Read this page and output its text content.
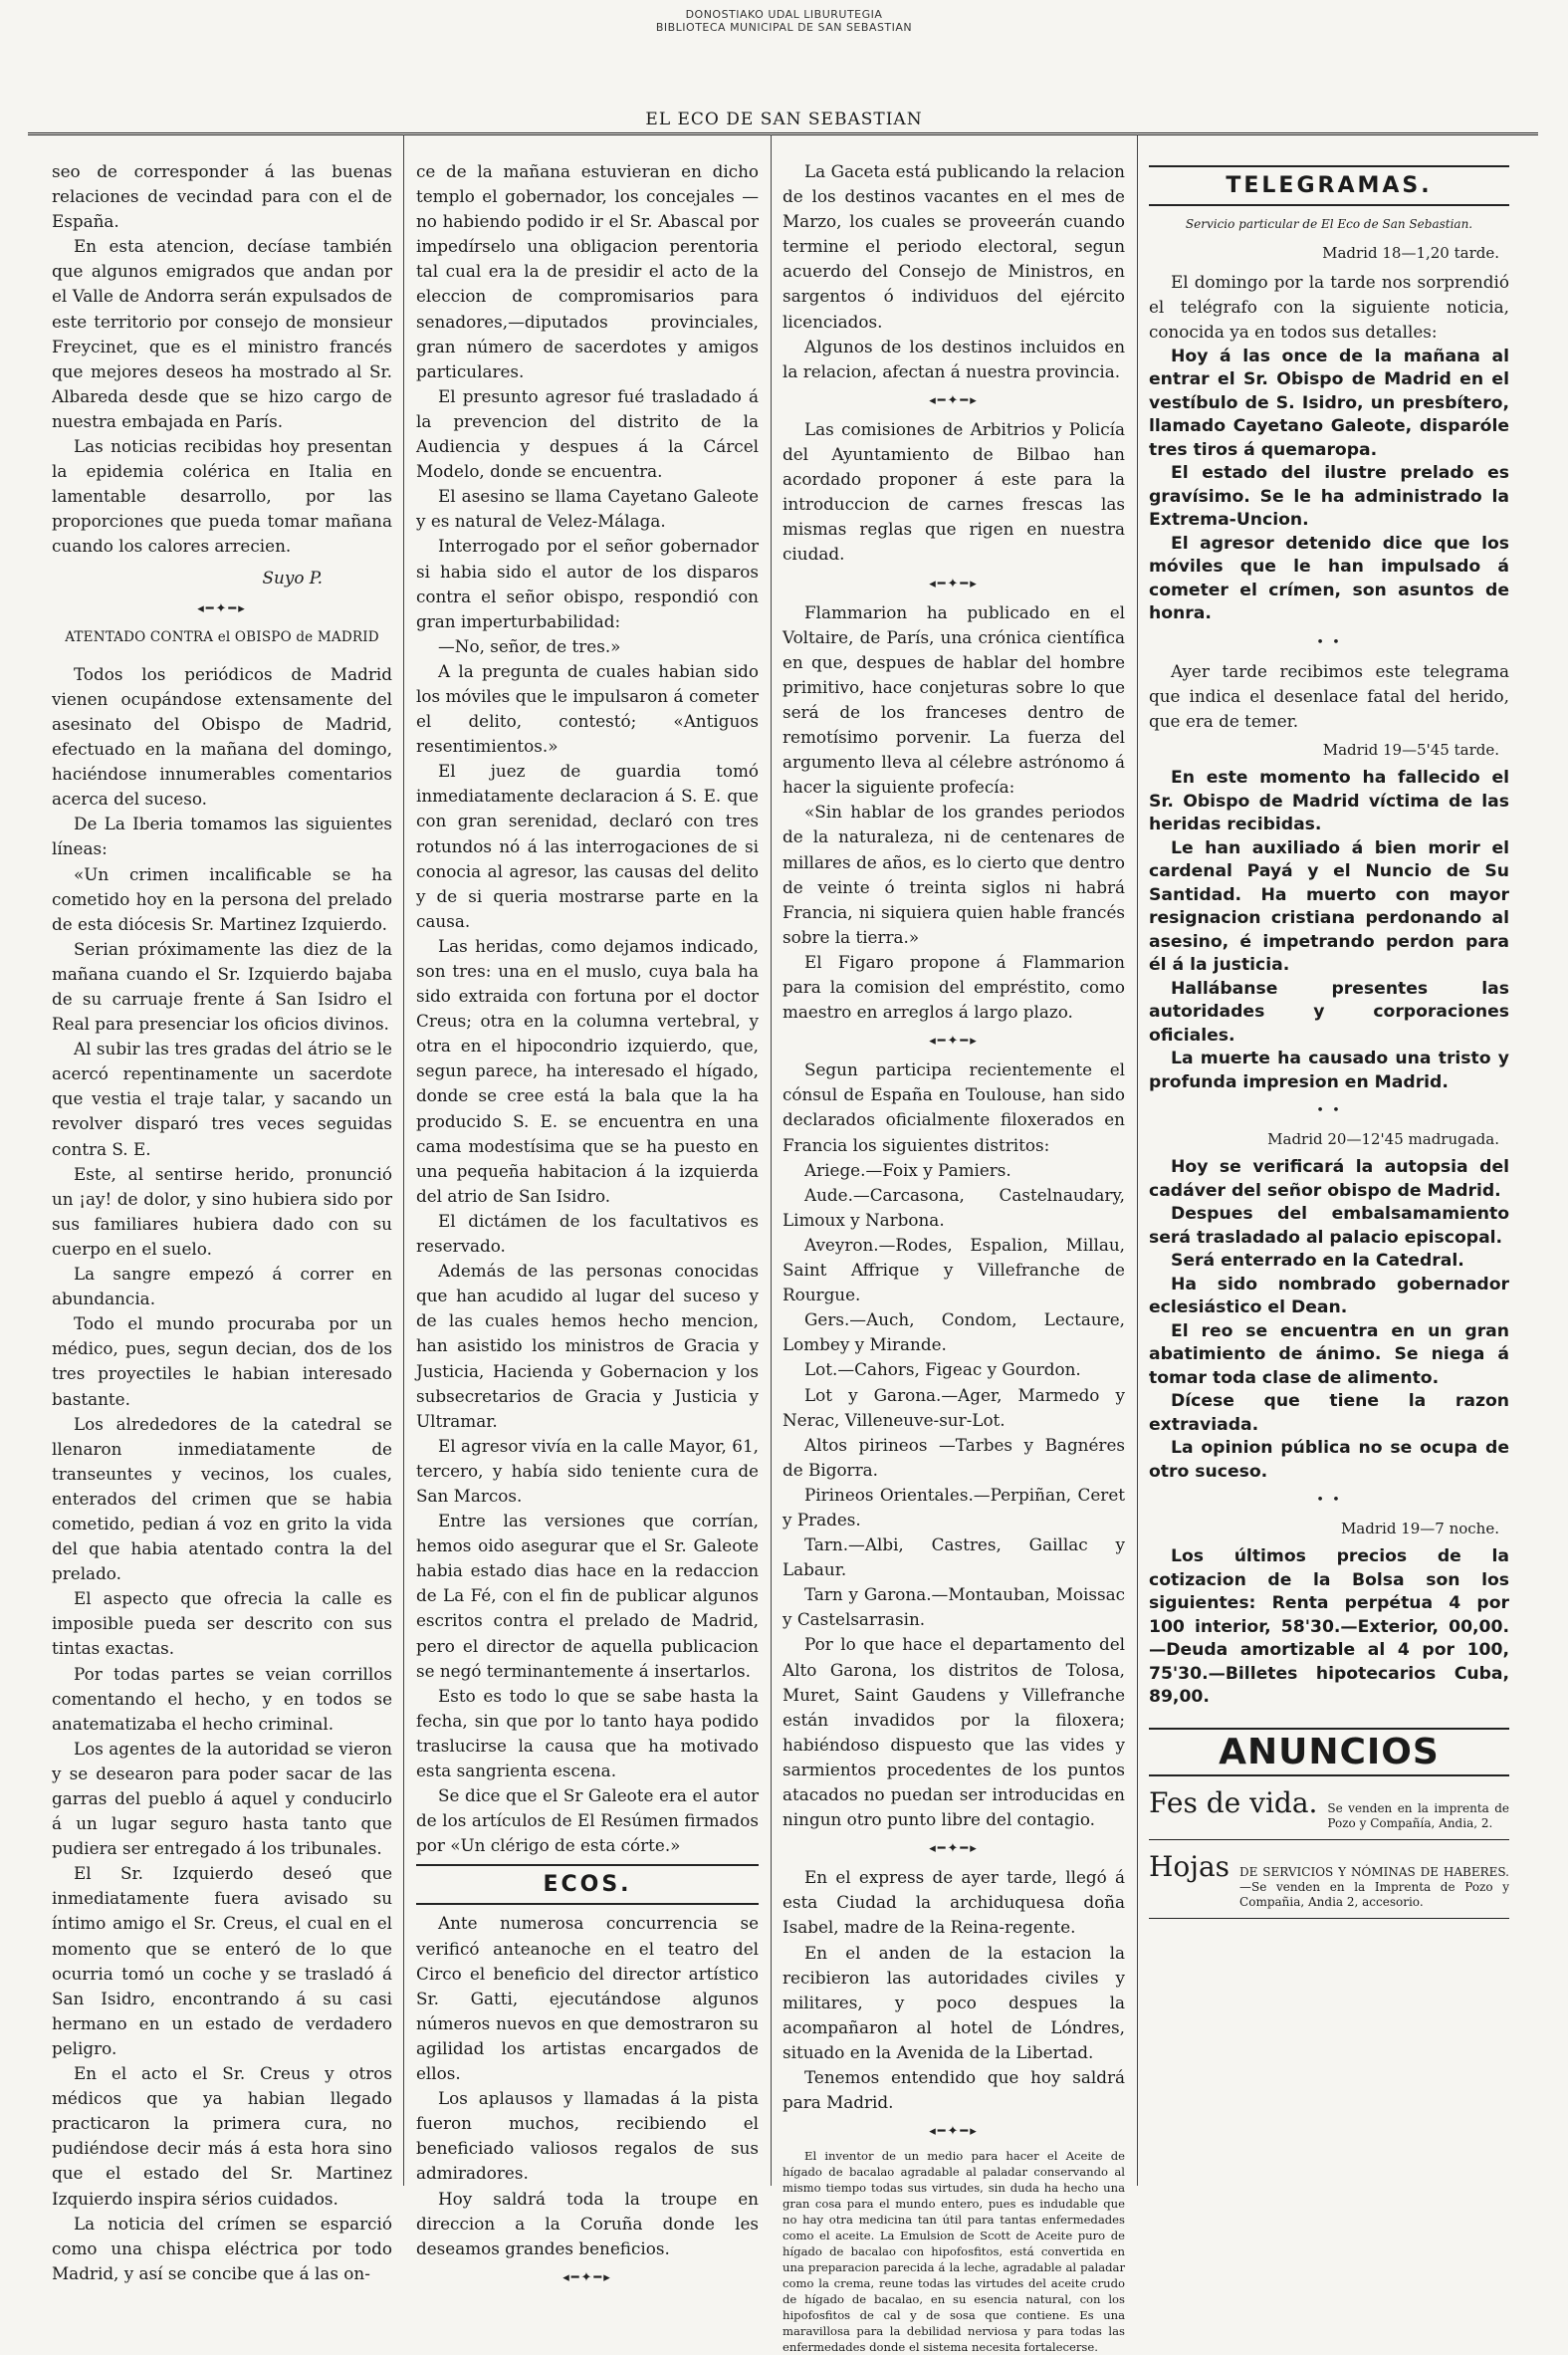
DONOSTIAKO UDAL LIBURUTEGIA
BIBLIOTECA MUNICIPAL DE SAN SEBASTIAN
EL ECO DE SAN SEBASTIAN

seo de corresponder á las buenas relaciones de vecindad para con el de España.

En esta atencion, decíase también que algunos emigrados que andan por el Valle de Andorra serán expulsados de este territorio por consejo de monsieur Freycinet, que es el ministro francés que mejores deseos ha mostrado al Sr. Albareda desde que se hizo cargo de nuestra embajada en París.

Las noticias recibidas hoy presentan la epidemia colérica en Italia en lamentable desarrollo, por las proporciones que pueda tomar mañana cuando los calores arrecien.

Suyo P.
◂━✦━▸
ATENTADO CONTRA el OBISPO de MADRID

Todos los periódicos de Madrid vienen ocupándose extensamente del asesinato del Obispo de Madrid, efectuado en la mañana del domingo, haciéndose innumerables comentarios acerca del suceso.

De La Iberia tomamos las siguientes líneas:

«Un crimen incalificable se ha cometido hoy en la persona del prelado de esta diócesis Sr. Martinez Izquierdo.

Serian próximamente las diez de la mañana cuando el Sr. Izquierdo bajaba de su carruaje frente á San Isidro el Real para presenciar los oficios divinos.

Al subir las tres gradas del átrio se le acercó repentinamente un sacerdote que vestia el traje talar, y sacando un revolver disparó tres veces seguidas contra S. E.

Este, al sentirse herido, pronunció un ¡ay! de dolor, y sino hubiera sido por sus familiares hubiera dado con su cuerpo en el suelo.

La sangre empezó á correr en abundancia.

Todo el mundo procuraba por un médico, pues, segun decian, dos de los tres proyectiles le habian interesado bastante.

Los alrededores de la catedral se llenaron inmediatamente de transeuntes y vecinos, los cuales, enterados del crimen que se habia cometido, pedian á voz en grito la vida del que habia atentado contra la del prelado.

El aspecto que ofrecia la calle es imposible pueda ser descrito con sus tintas exactas.

Por todas partes se veian corrillos comentando el hecho, y en todos se anatematizaba el hecho criminal.

Los agentes de la autoridad se vieron y se desearon para poder sacar de las garras del pueblo á aquel y conducirlo á un lugar seguro hasta tanto que pudiera ser entregado á los tribunales.

El Sr. Izquierdo deseó que inmediatamente fuera avisado su íntimo amigo el Sr. Creus, el cual en el momento que se enteró de lo que ocurria tomó un coche y se trasladó á San Isidro, encontrando á su casi hermano en un estado de verdadero peligro.

En el acto el Sr. Creus y otros médicos que ya habian llegado practicaron la primera cura, no pudiéndose decir más á esta hora sino que el estado del Sr. Martinez Izquierdo inspira sérios cuidados.

La noticia del crímen se esparció como una chispa eléctrica por todo Madrid, y así se concibe que á las on-

ce de la mañana estuvieran en dicho templo el gobernador, los concejales —no habiendo podido ir el Sr. Abascal por impedírselo una obligacion perentoria tal cual era la de presidir el acto de la eleccion de compromisarios para senadores,—diputados provinciales, gran número de sacerdotes y amigos particulares.

El presunto agresor fué trasladado á la prevencion del distrito de la Audiencia y despues á la Cárcel Modelo, donde se encuentra.

El asesino se llama Cayetano Galeote y es natural de Velez-Málaga.

Interrogado por el señor gobernador si habia sido el autor de los disparos contra el señor obispo, respondió con gran imperturbabilidad:

—No, señor, de tres.»

A la pregunta de cuales habian sido los móviles que le impulsaron á cometer el delito, contestó; «Antiguos resentimientos.»

El juez de guardia tomó inmediatamente declaracion á S. E. que con gran serenidad, declaró con tres rotundos nó á las interrogaciones de si conocia al agresor, las causas del delito y de si queria mostrarse parte en la causa.

Las heridas, como dejamos indicado, son tres: una en el muslo, cuya bala ha sido extraida con fortuna por el doctor Creus; otra en la columna vertebral, y otra en el hipocondrio izquierdo, que, segun parece, ha interesado el hígado, donde se cree está la bala que la ha producido S. E. se encuentra en una cama modestísima que se ha puesto en una pequeña habitacion á la izquierda del atrio de San Isidro.

El dictámen de los facultativos es reservado.

Además de las personas conocidas que han acudido al lugar del suceso y de las cuales hemos hecho mencion, han asistido los ministros de Gracia y Justicia, Hacienda y Gobernacion y los subsecretarios de Gracia y Justicia y Ultramar.

El agresor vivía en la calle Mayor, 61, tercero, y había sido teniente cura de San Marcos.

Entre las versiones que corrían, hemos oido asegurar que el Sr. Galeote habia estado dias hace en la redaccion de La Fé, con el fin de publicar algunos escritos contra el prelado de Madrid, pero el director de aquella publicacion se negó terminantemente á insertarlos.

Esto es todo lo que se sabe hasta la fecha, sin que por lo tanto haya podido traslucirse la causa que ha motivado esta sangrienta escena.

Se dice que el Sr Galeote era el autor de los artículos de El Resúmen firmados por «Un clérigo de esta córte.»

ECOS.

Ante numerosa concurrencia se verificó anteanoche en el teatro del Circo el beneficio del director artístico Sr. Gatti, ejecutándose algunos números nuevos en que demostraron su agilidad los artistas encargados de ellos.

Los aplausos y llamadas á la pista fueron muchos, recibiendo el beneficiado valiosos regalos de sus admiradores.

Hoy saldrá toda la troupe en direccion a la Coruña donde les deseamos grandes beneficios.

◂━✦━▸

La Gaceta está publicando la relacion de los destinos vacantes en el mes de Marzo, los cuales se proveerán cuando termine el periodo electoral, segun acuerdo del Consejo de Ministros, en sargentos ó individuos del ejército licenciados.

Algunos de los destinos incluidos en la relacion, afectan á nuestra provincia.

◂━✦━▸

Las comisiones de Arbitrios y Policía del Ayuntamiento de Bilbao han acordado proponer á este para la introduccion de carnes frescas las mismas reglas que rigen en nuestra ciudad.

◂━✦━▸

Flammarion ha publicado en el Voltaire, de París, una crónica científica en que, despues de hablar del hombre primitivo, hace conjeturas sobre lo que será de los franceses dentro de remotísimo porvenir. La fuerza del argumento lleva al célebre astrónomo á hacer la siguiente profecía:

«Sin hablar de los grandes periodos de la naturaleza, ni de centenares de millares de años, es lo cierto que dentro de veinte ó treinta siglos ni habrá Francia, ni siquiera quien hable francés sobre la tierra.»

El Figaro propone á Flammarion para la comision del empréstito, como maestro en arreglos á largo plazo.

◂━✦━▸

Segun participa recientemente el cónsul de España en Toulouse, han sido declarados oficialmente filoxerados en Francia los siguientes distritos:

Ariege.—Foix y Pamiers.

Aude.—Carcasona, Castelnaudary, Limoux y Narbona.

Aveyron.—Rodes, Espalion, Millau, Saint Affrique y Villefranche de Rourgue.

Gers.—Auch, Condom, Lectaure, Lombey y Mirande.

Lot.—Cahors, Figeac y Gourdon.

Lot y Garona.—Ager, Marmedo y Nerac, Villeneuve-sur-Lot.

Altos pirineos —Tarbes y Bagnéres de Bigorra.

Pirineos Orientales.—Perpiñan, Ceret y Prades.

Tarn.—Albi, Castres, Gaillac y Labaur.

Tarn y Garona.—Montauban, Moissac y Castelsarrasin.

Por lo que hace el departamento del Alto Garona, los distritos de Tolosa, Muret, Saint Gaudens y Villefranche están invadidos por la filoxera; habiéndoso dispuesto que las vides y sarmientos procedentes de los puntos atacados no puedan ser introducidas en ningun otro punto libre del contagio.

◂━✦━▸

En el express de ayer tarde, llegó á esta Ciudad la archiduquesa doña Isabel, madre de la Reina-regente.

En el anden de la estacion la recibieron las autoridades civiles y militares, y poco despues la acompañaron al hotel de Lóndres, situado en la Avenida de la Libertad.

Tenemos entendido que hoy saldrá para Madrid.

◂━✦━▸

El inventor de un medio para hacer el Aceite de hígado de bacalao agradable al paladar conservando al mismo tiempo todas sus virtudes, sin duda ha hecho una gran cosa para el mundo entero, pues es indudable que no hay otra medicina tan útil para tantas enfermedades como el aceite. La Emulsion de Scott de Aceite puro de hígado de bacalao con hipofosfitos, está convertida en una preparacion parecida á la leche, agradable al paladar como la crema, reune todas las virtudes del aceite crudo de hígado de bacalao, en su esencia natural, con los hipofosfitos de cal y de sosa que contiene. Es una maravillosa para la debilidad nerviosa y para todas las enfermedades donde el sistema necesita fortalecerse.

TELEGRAMAS.
Servicio particular de El Eco de San Sebastian.
Madrid 18—1,20 tarde.

El domingo por la tarde nos sorprendió el telégrafo con la siguiente noticia, conocida ya en todos sus detalles:

Hoy á las once de la mañana al entrar el Sr. Obispo de Madrid en el vestíbulo de S. Isidro, un presbítero, llamado Cayetano Galeote, disparóle tres tiros á quemaropa.

El estado del ilustre prelado es gravísimo. Se le ha administrado la Extrema-Uncion.

El agresor detenido dice que los móviles que le han impulsado á cometer el crímen, son asuntos de honra.

• •

Ayer tarde recibimos este telegrama que indica el desenlace fatal del herido, que era de temer.

Madrid 19—5'45 tarde.

En este momento ha fallecido el Sr. Obispo de Madrid víctima de las heridas recibidas.

Le han auxiliado á bien morir el cardenal Payá y el Nuncio de Su Santidad. Ha muerto con mayor resignacion cristiana perdonando al asesino, é impetrando perdon para él á la justicia.

Hallábanse presentes las autoridades y corporaciones oficiales.

La muerte ha causado una tristo y profunda impresion en Madrid.

• •
Madrid 20—12'45 madrugada.

Hoy se verificará la autopsia del cadáver del señor obispo de Madrid.

Despues del embalsamamiento será trasladado al palacio episcopal.

Será enterrado en la Catedral.

Ha sido nombrado gobernador eclesiástico el Dean.

El reo se encuentra en un gran abatimiento de ánimo. Se niega á tomar toda clase de alimento.

Dícese que tiene la razon extraviada.

La opinion pública no se ocupa de otro suceso.

• •
Madrid 19—7 noche.

Los últimos precios de la cotizacion de la Bolsa son los siguientes: Renta perpétua 4 por 100 interior, 58'30.—Exterior, 00,00.—Deuda amortizable al 4 por 100, 75'30.—Billetes hipotecarios Cuba, 89,00.

ANUNCIOS
Fes de vida. Se venden en la imprenta de Pozo y Compañía, Andia, 2.
Hojas DE SERVICIOS Y NÓMINAS DE HABERES.—Se venden en la Imprenta de Pozo y Compañia, Andia 2, accesorio.
